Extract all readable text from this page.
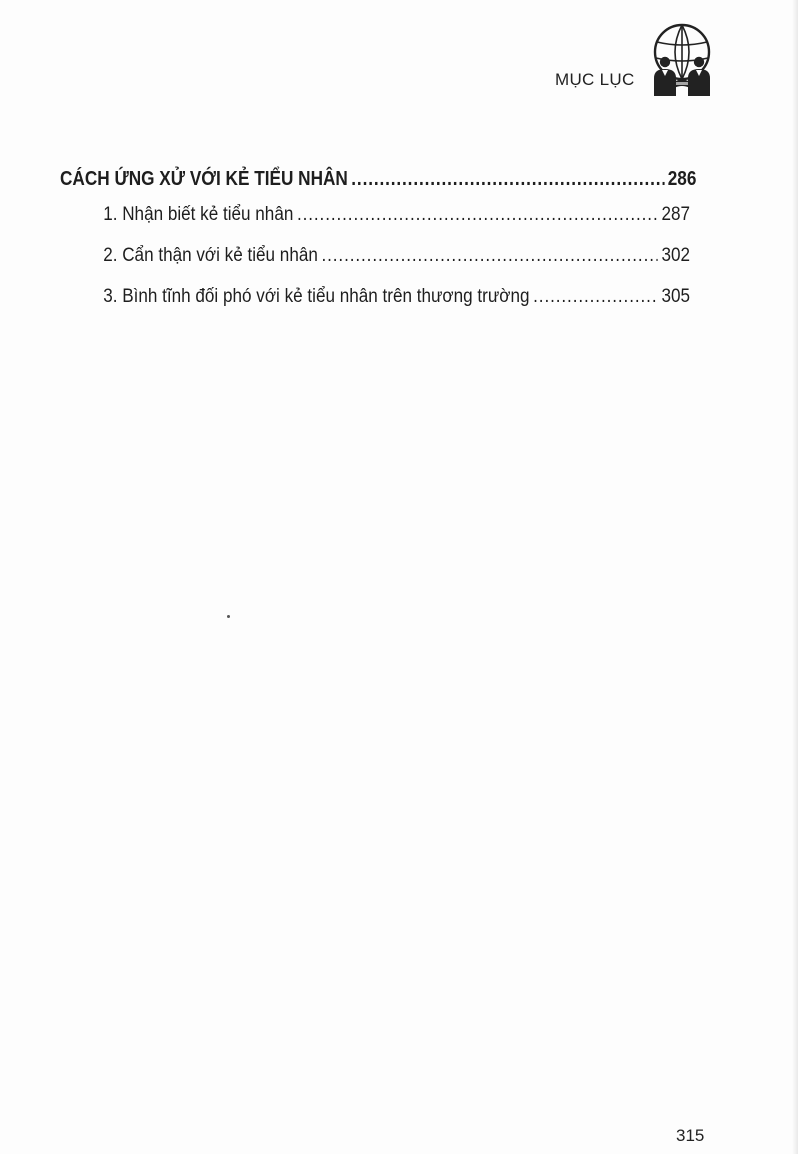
MỤC LỤC
CÁCH ỨNG XỬ VỚI KẺ TIỂU NHÂN .....	286
1. Nhận biết kẻ tiểu nhân .....	287
2. Cẩn thận với kẻ tiểu nhân .....	302
3. Bình tĩnh đối phó với kẻ tiểu nhân trên thương trường .....	305
315
